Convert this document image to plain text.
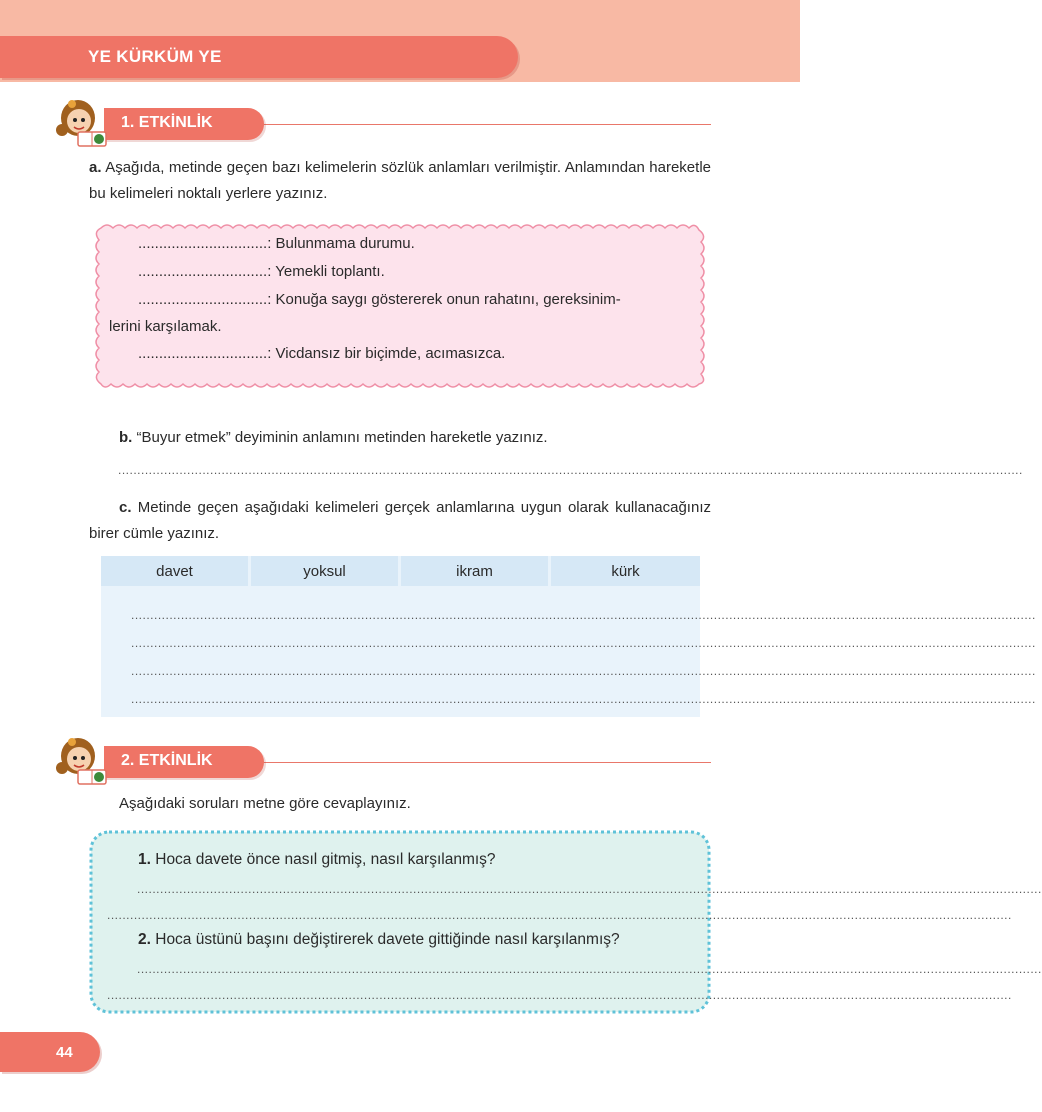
YE KÜRKÜM YE
1. ETKİNLİK
a. Aşağıda, metinde geçen bazı kelimelerin sözlük anlamları verilmiştir. Anlamından hareketle bu kelimeleri noktalı yerlere yazınız.
...............................: Bulunmama durumu.
...............................: Yemekli toplantı.
...............................: Konuğa saygı göstererek onun rahatını, gereksinim-
lerini karşılamak.
...............................: Vicdansız bir biçimde, acımasızca.
b. “Buyur etmek” deyiminin anlamını metinden hareketle yazınız.
............................................................................................................................................................................................................................................
c. Metinde geçen aşağıdaki kelimeleri gerçek anlamlarına uygun olarak kullanacağınız birer cümle yazınız.
davet	yoksul	ikram	kürk
............................................................................................................................................................................................................................................
............................................................................................................................................................................................................................................
............................................................................................................................................................................................................................................
............................................................................................................................................................................................................................................
2. ETKİNLİK
Aşağıdaki soruları metne göre cevaplayınız.
1. Hoca davete önce nasıl gitmiş, nasıl karşılanmış?
............................................................................................................................................................................................................................................
............................................................................................................................................................................................................................................
2. Hoca üstünü başını değiştirerek davete gittiğinde nasıl karşılanmış?
............................................................................................................................................................................................................................................
............................................................................................................................................................................................................................................
44
